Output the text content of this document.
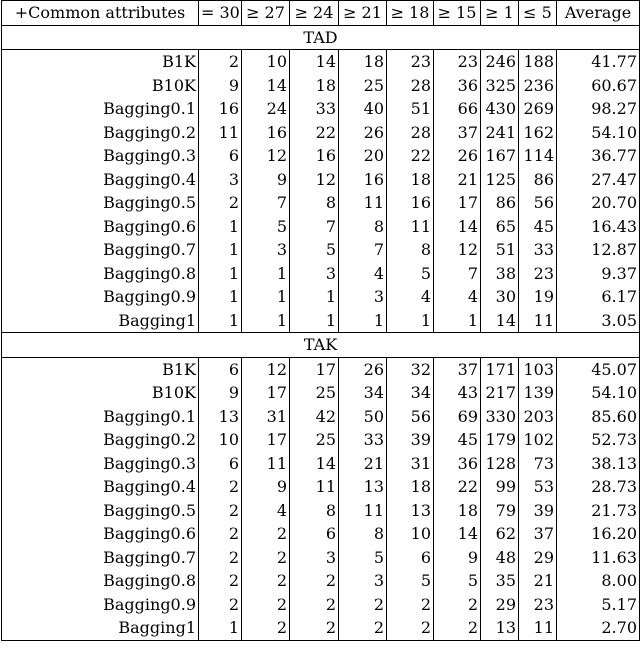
+Common attributes	= 30	≥ 27	≥ 24	≥ 21	≥ 18	≥ 15	≥ 1	≤ 5	Average
TAD									
B1K	2	10	14	18	23	23	246	188	41.77
B10K	9	14	18	25	28	36	325	236	60.67
Bagging0.1	16	24	33	40	51	66	430	269	98.27
Bagging0.2	11	16	22	26	28	37	241	162	54.10
Bagging0.3	6	12	16	20	22	26	167	114	36.77
Bagging0.4	3	9	12	16	18	21	125	86	27.47
Bagging0.5	2	7	8	11	16	17	86	56	20.70
Bagging0.6	1	5	7	8	11	14	65	45	16.43
Bagging0.7	1	3	5	7	8	12	51	33	12.87
Bagging0.8	1	1	3	4	5	7	38	23	9.37
Bagging0.9	1	1	1	3	4	4	30	19	6.17
Bagging1	1	1	1	1	1	1	14	11	3.05
TAK									
B1K	6	12	17	26	32	37	171	103	45.07
B10K	9	17	25	34	34	43	217	139	54.10
Bagging0.1	13	31	42	50	56	69	330	203	85.60
Bagging0.2	10	17	25	33	39	45	179	102	52.73
Bagging0.3	6	11	14	21	31	36	128	73	38.13
Bagging0.4	2	9	11	13	18	22	99	53	28.73
Bagging0.5	2	4	8	11	13	18	79	39	21.73
Bagging0.6	2	2	6	8	10	14	62	37	16.20
Bagging0.7	2	2	3	5	6	9	48	29	11.63
Bagging0.8	2	2	2	3	5	5	35	21	8.00
Bagging0.9	2	2	2	2	2	2	29	23	5.17
Bagging1	1	2	2	2	2	2	13	11	2.70
